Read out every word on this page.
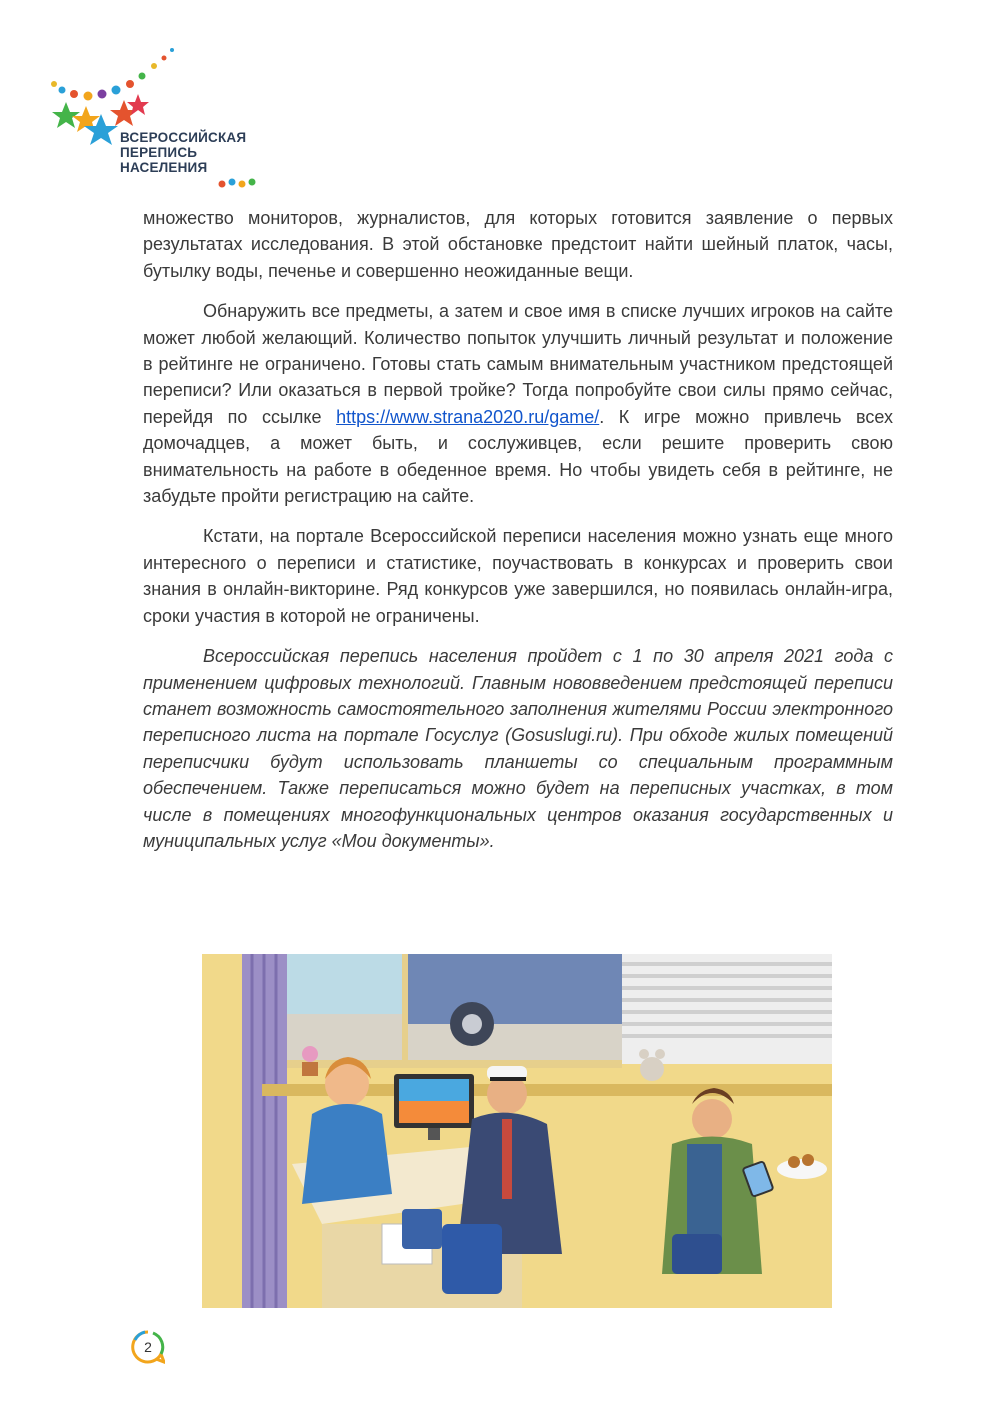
ВСЕРОССИЙСКАЯ
ПЕРЕПИСЬ
НАСЕЛЕНИЯ

множество мониторов, журналистов, для которых готовится заявление о первых результатах исследования. В этой обстановке предстоит найти шейный платок, часы, бутылку воды, печенье и совершенно неожиданные вещи.

Обнаружить все предметы, а затем и свое имя в списке лучших игроков на сайте может любой желающий. Количество попыток улучшить личный результат и положение в рейтинге не ограничено. Готовы стать самым внимательным участником предстоящей переписи? Или оказаться в первой тройке? Тогда попробуйте свои силы прямо сейчас, перейдя по ссылке https://www.strana2020.ru/game/. К игре можно привлечь всех домочадцев, а может быть, и сослуживцев, если решите проверить свою внимательность на работе в обеденное время. Но чтобы увидеть себя в рейтинге, не забудьте пройти регистрацию на сайте.

Кстати, на портале Всероссийской переписи населения можно узнать еще много интересного о переписи и статистике, поучаствовать в конкурсах и проверить свои знания в онлайн-викторине. Ряд конкурсов уже завершился, но появилась онлайн-игра, сроки участия в которой не ограничены.

Всероссийская перепись населения пройдет с 1 по 30 апреля 2021 года с применением цифровых технологий. Главным нововведением предстоящей переписи станет возможность самостоятельного заполнения жителями России электронного переписного листа на портале Госуслуг (Gosuslugi.ru). При обходе жилых помещений переписчики будут использовать планшеты со специальным программным обеспечением. Также переписаться можно будет на переписных участках, в том числе в помещениях многофункциональных центров оказания государственных и муниципальных услуг «Мои документы».

2
